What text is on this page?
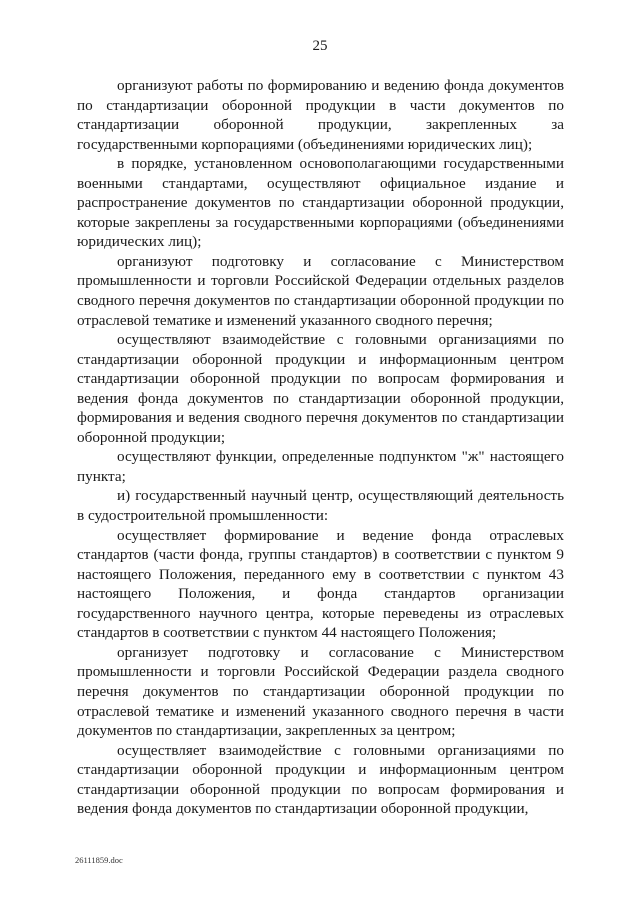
25

организуют работы по формированию и ведению фонда документов по стандартизации оборонной продукции в части документов по стандартизации оборонной продукции, закрепленных за государственными корпорациями (объединениями юридических лиц);

в порядке, установленном основополагающими государственными военными стандартами, осуществляют официальное издание и распространение документов по стандартизации оборонной продукции, которые закреплены за государственными корпорациями (объединениями юридических лиц);

организуют подготовку и согласование с Министерством промышленности и торговли Российской Федерации отдельных разделов сводного перечня документов по стандартизации оборонной продукции по отраслевой тематике и изменений указанного сводного перечня;

осуществляют взаимодействие с головными организациями по стандартизации оборонной продукции и информационным центром стандартизации оборонной продукции по вопросам формирования и ведения фонда документов по стандартизации оборонной продукции, формирования и ведения сводного перечня документов по стандартизации оборонной продукции;

осуществляют функции, определенные подпунктом "ж" настоящего пункта;

и) государственный научный центр, осуществляющий деятельность в судостроительной промышленности:

осуществляет формирование и ведение фонда отраслевых стандартов (части фонда, группы стандартов) в соответствии с пунктом 9 настоящего Положения, переданного ему в соответствии с пунктом 43 настоящего Положения, и фонда стандартов организации государственного научного центра, которые переведены из отраслевых стандартов в соответствии с пунктом 44 настоящего Положения;

организует подготовку и согласование с Министерством промышленности и торговли Российской Федерации раздела сводного перечня документов по стандартизации оборонной продукции по отраслевой тематике и изменений указанного сводного перечня в части документов по стандартизации, закрепленных за центром;

осуществляет взаимодействие с головными организациями по стандартизации оборонной продукции и информационным центром стандартизации оборонной продукции по вопросам формирования и ведения фонда документов по стандартизации оборонной продукции,

26111859.doc
